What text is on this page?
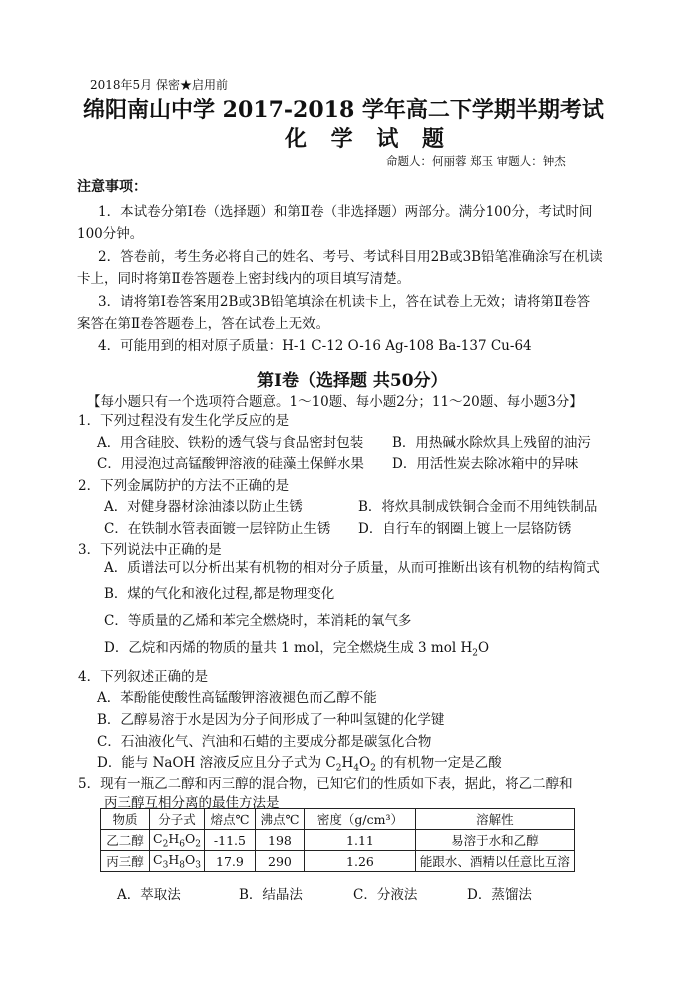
2018年5月 保密★启用前
绵阳南山中学 2017-2018 学年高二下学期半期考试
化 学 试 题
命题人：何丽蓉 郑玉 审题人：钟杰
注意事项：
1．本试卷分第Ⅰ卷（选择题）和第Ⅱ卷（非选择题）两部分。满分100分，考试时间
100分钟。
2．答卷前，考生务必将自己的姓名、考号、考试科目用2B或3B铅笔准确涂写在机读
卡上，同时将第Ⅱ卷答题卷上密封线内的项目填写清楚。
3．请将第Ⅰ卷答案用2B或3B铅笔填涂在机读卡上，答在试卷上无效；请将第Ⅱ卷答
案答在第Ⅱ卷答题卷上，答在试卷上无效。
4．可能用到的相对原子质量：H-1 C-12 O-16 Ag-108 Ba-137 Cu-64
第Ⅰ卷（选择题 共50分）
【每小题只有一个选项符合题意。1～10题、每小题2分；11～20题、每小题3分】
1．下列过程没有发生化学反应的是
A．用含硅胶、铁粉的透气袋与食品密封包装 B．用热碱水除炊具上残留的油污
C．用浸泡过高锰酸钾溶液的硅藻土保鲜水果 D．用活性炭去除冰箱中的异味
2．下列金属防护的方法不正确的是
A．对健身器材涂油漆以防止生锈	B．将炊具制成铁铜合金而不用纯铁制品
C．在铁制水管表面镀一层锌防止生锈 D．自行车的钢圈上镀上一层铬防锈
3．下列说法中正确的是
A．质谱法可以分析出某有机物的相对分子质量，从而可推断出该有机物的结构简式
B．煤的气化和液化过程,都是物理变化
C．等质量的乙烯和苯完全燃烧时，苯消耗的氧气多
D．乙烷和丙烯的物质的量共 1 mol，完全燃烧生成 3 mol $H_2O$
4．下列叙述正确的是
A．苯酚能使酸性高锰酸钾溶液褪色而乙醇不能
B．乙醇易溶于水是因为分子间形成了一种叫氢键的化学键
C．石油液化气、汽油和石蜡的主要成分都是碳氢化合物
D．能与 NaOH 溶液反应且分子式为 $C_2H_4O_2$ 的有机物一定是乙酸
5．现有一瓶乙二醇和丙三醇的混合物，已知它们的性质如下表，据此，将乙二醇和
丙三醇互相分离的最佳方法是
物质	分子式	熔点℃	沸点℃	密度（g/cm³）	溶解性
乙二醇	$C_2H_6O_2$	-11.5	198	1.11	易溶于水和乙醇
丙三醇	$C_3H_8O_3$	17.9	290	1.26	能跟水、酒精以任意比互溶
A．萃取法	B．结晶法	C．分液法	D．蒸馏法
